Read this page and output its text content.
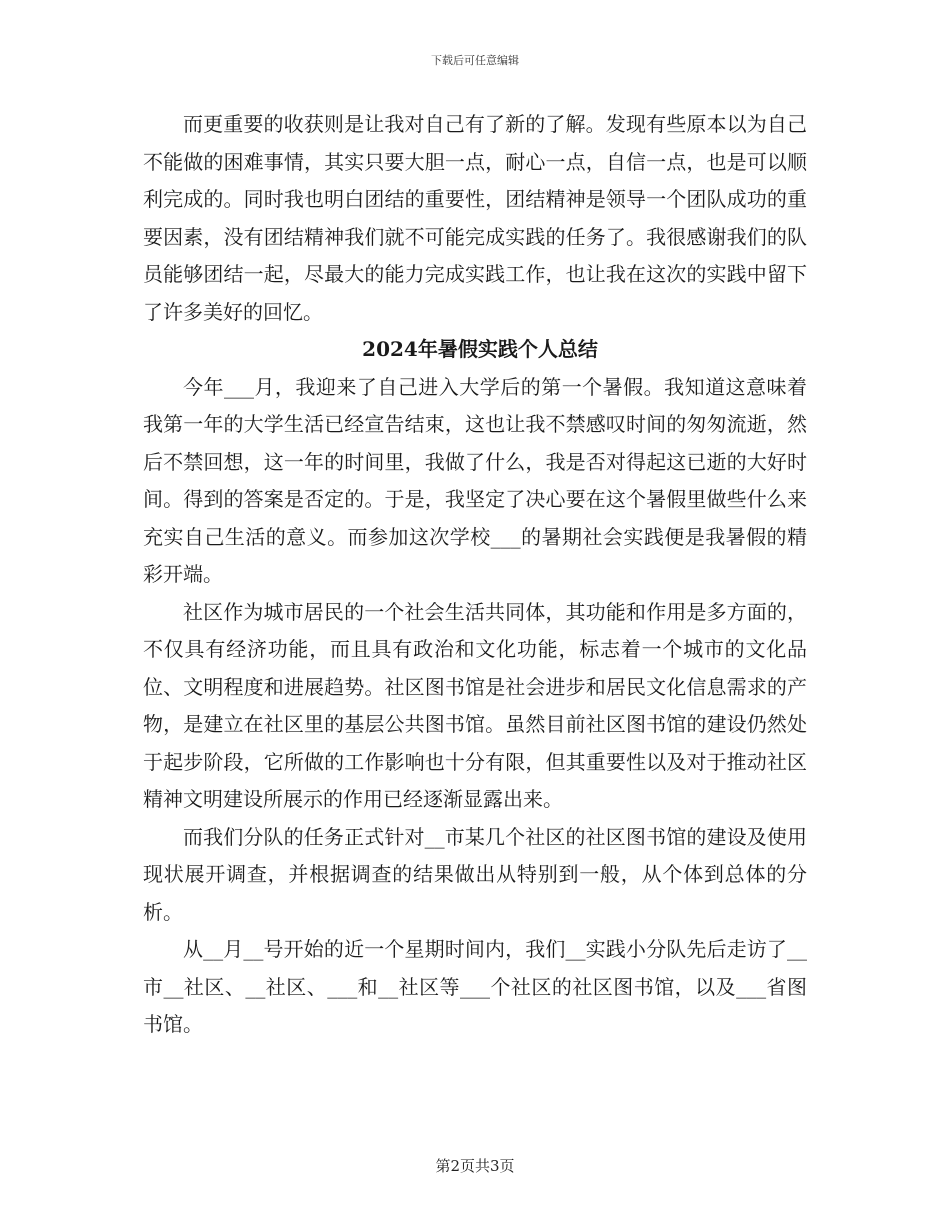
下载后可任意编辑

而更重要的收获则是让我对自己有了新的了解。发现有些原本以为自己不能做的困难事情，其实只要大胆一点，耐心一点，自信一点，也是可以顺利完成的。同时我也明白团结的重要性，团结精神是领导一个团队成功的重要因素，没有团结精神我们就不可能完成实践的任务了。我很感谢我们的队员能够团结一起，尽最大的能力完成实践工作，也让我在这次的实践中留下了许多美好的回忆。

2024年暑假实践个人总结

今年___月，我迎来了自己进入大学后的第一个暑假。我知道这意味着我第一年的大学生活已经宣告结束，这也让我不禁感叹时间的匆匆流逝，然后不禁回想，这一年的时间里，我做了什么，我是否对得起这已逝的大好时间。得到的答案是否定的。于是，我坚定了决心要在这个暑假里做些什么来充实自己生活的意义。而参加这次学校___的暑期社会实践便是我暑假的精彩开端。

社区作为城市居民的一个社会生活共同体，其功能和作用是多方面的，不仅具有经济功能，而且具有政治和文化功能，标志着一个城市的文化品位、文明程度和进展趋势。社区图书馆是社会进步和居民文化信息需求的产物，是建立在社区里的基层公共图书馆。虽然目前社区图书馆的建设仍然处于起步阶段，它所做的工作影响也十分有限，但其重要性以及对于推动社区精神文明建设所展示的作用已经逐渐显露出来。

而我们分队的任务正式针对__市某几个社区的社区图书馆的建设及使用现状展开调查，并根据调查的结果做出从特别到一般，从个体到总体的分析。

从__月__号开始的近一个星期时间内，我们__实践小分队先后走访了__市__社区、__社区、___和__社区等___个社区的社区图书馆，以及___省图书馆。

第2页共3页
